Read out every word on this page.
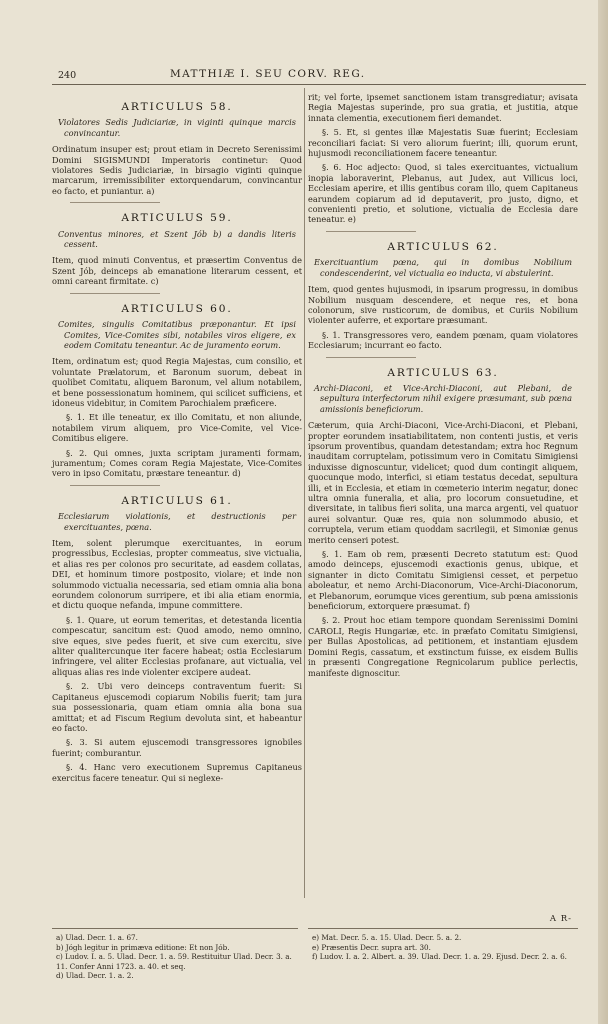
240	MATTHIÆ I. SEU CORV. REG.
ARTICULUS 58.
Violatores Sedis Judiciariæ, in viginti quinque marcis convincantur.

Ordinatum insuper est; prout etiam in Decreto Serenissimi Domini SIGISMUNDI Imperatoris continetur: Quod violatores Sedis Judiciariæ, in birsagio viginti quinque marcarum, irremissibiliter extorquendarum, convincantur eo facto, et puniantur. a)

ARTICULUS 59.
Conventus minores, et Szent Jób b) a dandis literis cessent.

Item, quod minuti Conventus, et præsertim Conventus de Szent Jób, deinceps ab emanatione literarum cessent, et omni careant firmitate. c)

ARTICULUS 60.
Comites, singulis Comitatibus præponantur. Et ipsi Comites, Vice-Comites sibi, notabiles viros eligere, ex eodem Comitatu teneantur. Ac de juramento eorum.

Item, ordinatum est; quod Regia Majestas, cum consilio, et voluntate Prælatorum, et Baronum suorum, debeat in quolibet Comitatu, aliquem Baronum, vel alium notabilem, et bene possessionatum hominem, qui scilicet sufficiens, et idoneus videbitur, in Comitem Parochialem præficere.

§. 1. Et ille teneatur, ex illo Comitatu, et non aliunde, notabilem virum aliquem, pro Vice-Comite, vel Vice-Comitibus eligere.

§. 2. Qui omnes, juxta scriptam juramenti formam, juramentum; Comes coram Regia Majestate, Vice-Comites vero in ipso Comitatu, præstare teneantur. d)

ARTICULUS 61.
Ecclesiarum violationis, et destructionis per exercituantes, pœna.

Item, solent plerumque exercituantes, in eorum progressibus, Ecclesias, propter commeatus, sive victualia, et alias res per colonos pro securitate, ad easdem collatas, DEI, et hominum timore postposito, violare; et inde non solummodo victualia necessaria, sed etiam omnia alia bona eorundem colonorum surripere, et ibi alia etiam enormia, et dictu quoque nefanda, impune committere.

§. 1. Quare, ut eorum temeritas, et detestanda licentia compescatur, sancitum est: Quod amodo, nemo omnino, sive eques, sive pedes fuerit, et sive cum exercitu, sive aliter qualitercunque iter facere habeat; ostia Ecclesiarum infringere, vel aliter Ecclesias profanare, aut victualia, vel aliquas alias res inde violenter excipere audeat.

§. 2. Ubi vero deinceps contraventum fuerit: Si Capitaneus ejuscemodi copiarum Nobilis fuerit; tam jura sua possessionaria, quam etiam omnia alia bona sua amittat; et ad Fiscum Regium devoluta sint, et habeantur eo facto.

§. 3. Si autem ejuscemodi transgressores ignobiles fuerint; comburantur.

§. 4. Hanc vero executionem Supremus Capitaneus exercitus facere teneatur. Qui si neglexe-

rit; vel forte, ipsemet sanctionem istam transgrediatur; avisata Regia Majestas superinde, pro sua gratia, et justitia, atque innata clementia, executionem fieri demandet.

§. 5. Et, si gentes illæ Majestatis Suæ fuerint; Ecclesiam reconciliari faciat: Si vero aliorum fuerint; illi, quorum erunt, hujusmodi reconciliationem facere teneantur.

§. 6. Hoc adjecto: Quod, si tales exercituantes, victualium inopia laboraverint, Plebanus, aut Judex, aut Villicus loci, Ecclesiam aperire, et illis gentibus coram illo, quem Capitaneus earundem copiarum ad id deputaverit, pro justo, digno, et convenienti pretio, et solutione, victualia de Ecclesia dare teneatur. e)

ARTICULUS 62.
Exercituantium pœna, qui in domibus Nobilium condescenderint, vel victualia eo inducta, vi abstulerint.

Item, quod gentes hujusmodi, in ipsarum progressu, in domibus Nobilium nusquam descendere, et neque res, et bona colonorum, sive rusticorum, de domibus, et Curiis Nobilium violenter auferre, et exportare præsumant.

§. 1. Transgressores vero, eandem pœnam, quam violatores Ecclesiarum; incurrant eo facto.

ARTICULUS 63.
Archi-Diaconi, et Vice-Archi-Diaconi, aut Plebani, de sepultura interfectorum nihil exigere præsumant, sub pœna amissionis beneficiorum.

Cæterum, quia Archi-Diaconi, Vice-Archi-Diaconi, et Plebani, propter eorundem insatiabilitatem, non contenti justis, et veris ipsorum proventibus, quandam detestandam; extra hoc Regnum inauditam corruptelam, potissimum vero in Comitatu Simigiensi induxisse dignoscuntur, videlicet; quod dum contingit aliquem, quocunque modo, interfici, si etiam testatus decedat, sepultura illi, et in Ecclesia, et etiam in cœmeterio interim negatur, donec ultra omnia funeralia, et alia, pro locorum consuetudine, et diversitate, in talibus fieri solita, una marca argenti, vel quatuor aurei solvantur. Quæ res, quia non solummodo abusio, et corruptela, verum etiam quoddam sacrilegii, et Simoniæ genus merito censeri potest.

§. 1. Eam ob rem, præsenti Decreto statutum est: Quod amodo deinceps, ejuscemodi exactionis genus, ubique, et signanter in dicto Comitatu Simigiensi cesset, et perpetuo aboleatur, et nemo Archi-Diaconorum, Vice-Archi-Diaconorum, et Plebanorum, eorumque vices gerentium, sub pœna amissionis beneficiorum, extorquere præsumat. f)

§. 2. Prout hoc etiam tempore quondam Serenissimi Domini CAROLI, Regis Hungariæ, etc. in præfato Comitatu Simigiensi, per Bullas Apostolicas, ad petitionem, et instantiam ejusdem Domini Regis, cassatum, et exstinctum fuisse, ex eisdem Bullis in præsenti Congregatione Regnicolarum publice perlectis, manifeste dignoscitur.

A R-
a) Ulad. Decr. 1. a. 67.
b) Jógh legitur in primæva editione: Et non Jób.
c) Ludov. I. a. 5. Ulad. Decr. 1. a. 59. Restituitur Ulad. Decr. 3. a. 11. Confer Anni 1723. a. 40. et seq.
d) Ulad. Decr. 1. a. 2.
e) Mat. Decr. 5. a. 15. Ulad. Decr. 5. a. 2.
e) Præsentis Decr. supra art. 30.
f) Ludov. I. a. 2. Albert. a. 39. Ulad. Decr. 1. a. 29. Ejusd. Decr. 2. a. 6.
